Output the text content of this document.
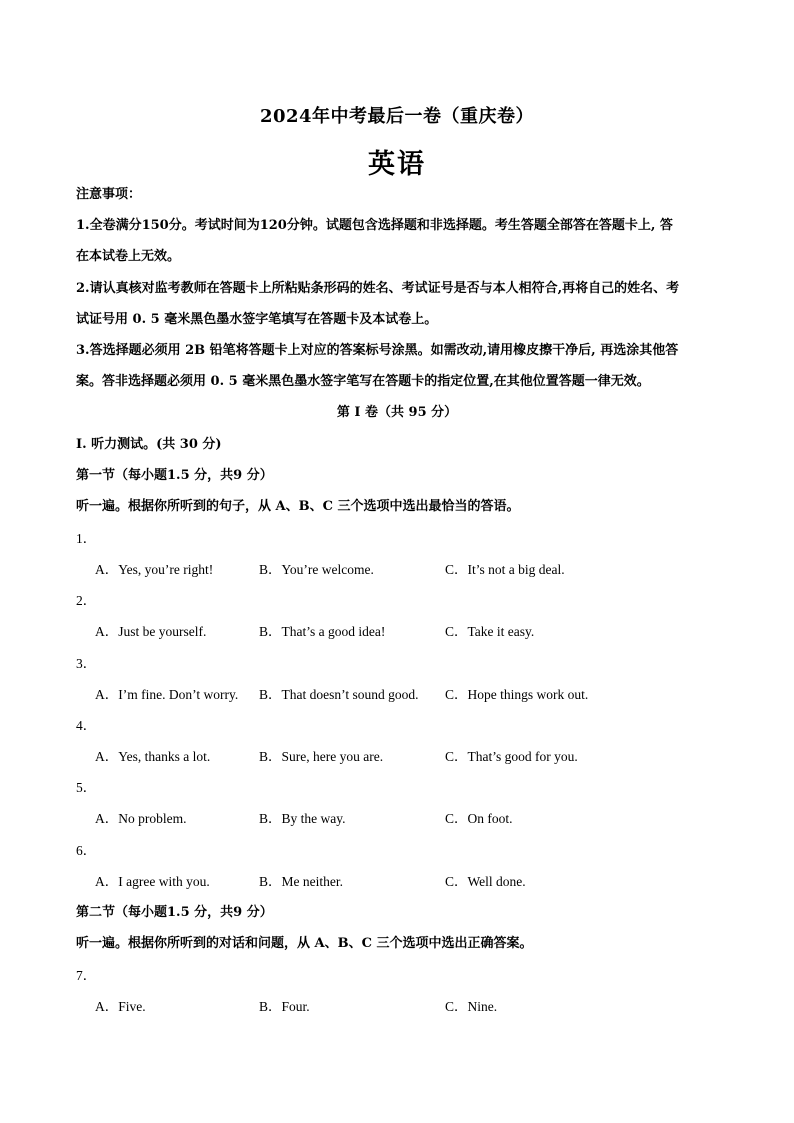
2024年中考最后一卷（重庆卷）
英语
注意事项：
1.全卷满分150分。考试时间为120分钟。试题包含选择题和非选择题。考生答题全部答在答题卡上, 答
在本试卷上无效。
2.请认真核对监考教师在答题卡上所粘贴条形码的姓名、考试证号是否与本人相符合,再将自己的姓名、考
试证号用 0. 5 毫米黑色墨水签字笔填写在答题卡及本试卷上。
3.答选择题必须用 2B 铅笔将答题卡上对应的答案标号涂黑。如需改动,请用橡皮擦干净后, 再选涂其他答
案。答非选择题必须用 0. 5 毫米黑色墨水签字笔写在答题卡的指定位置,在其他位置答题一律无效。
第 I 卷（共 95 分）
Ⅰ. 听力测试。(共 30 分)
第一节（每小题1.5 分，共9 分）
听一遍。根据你所听到的句子，从 A、B、C 三个选项中选出最恰当的答语。
1．
A．Yes, you’re right!	B．You’re welcome.	C．It’s not a big deal.
2．
A．Just be yourself.	B．That’s a good idea!	C．Take it easy.
3．
A．I’m fine. Don’t worry. B．That doesn’t sound good. C．Hope things work out.
4．
A．Yes, thanks a lot.	B．Sure, here you are.	C．That’s good for you.
5．
A．No problem.	B．By the way.	C．On foot.
6．
A．I agree with you.	B．Me neither.	C．Well done.
第二节（每小题1.5 分，共9 分）
听一遍。根据你所听到的对话和问题，从 A、B、C 三个选项中选出正确答案。
7．
A．Five.	B．Four.	C．Nine.
